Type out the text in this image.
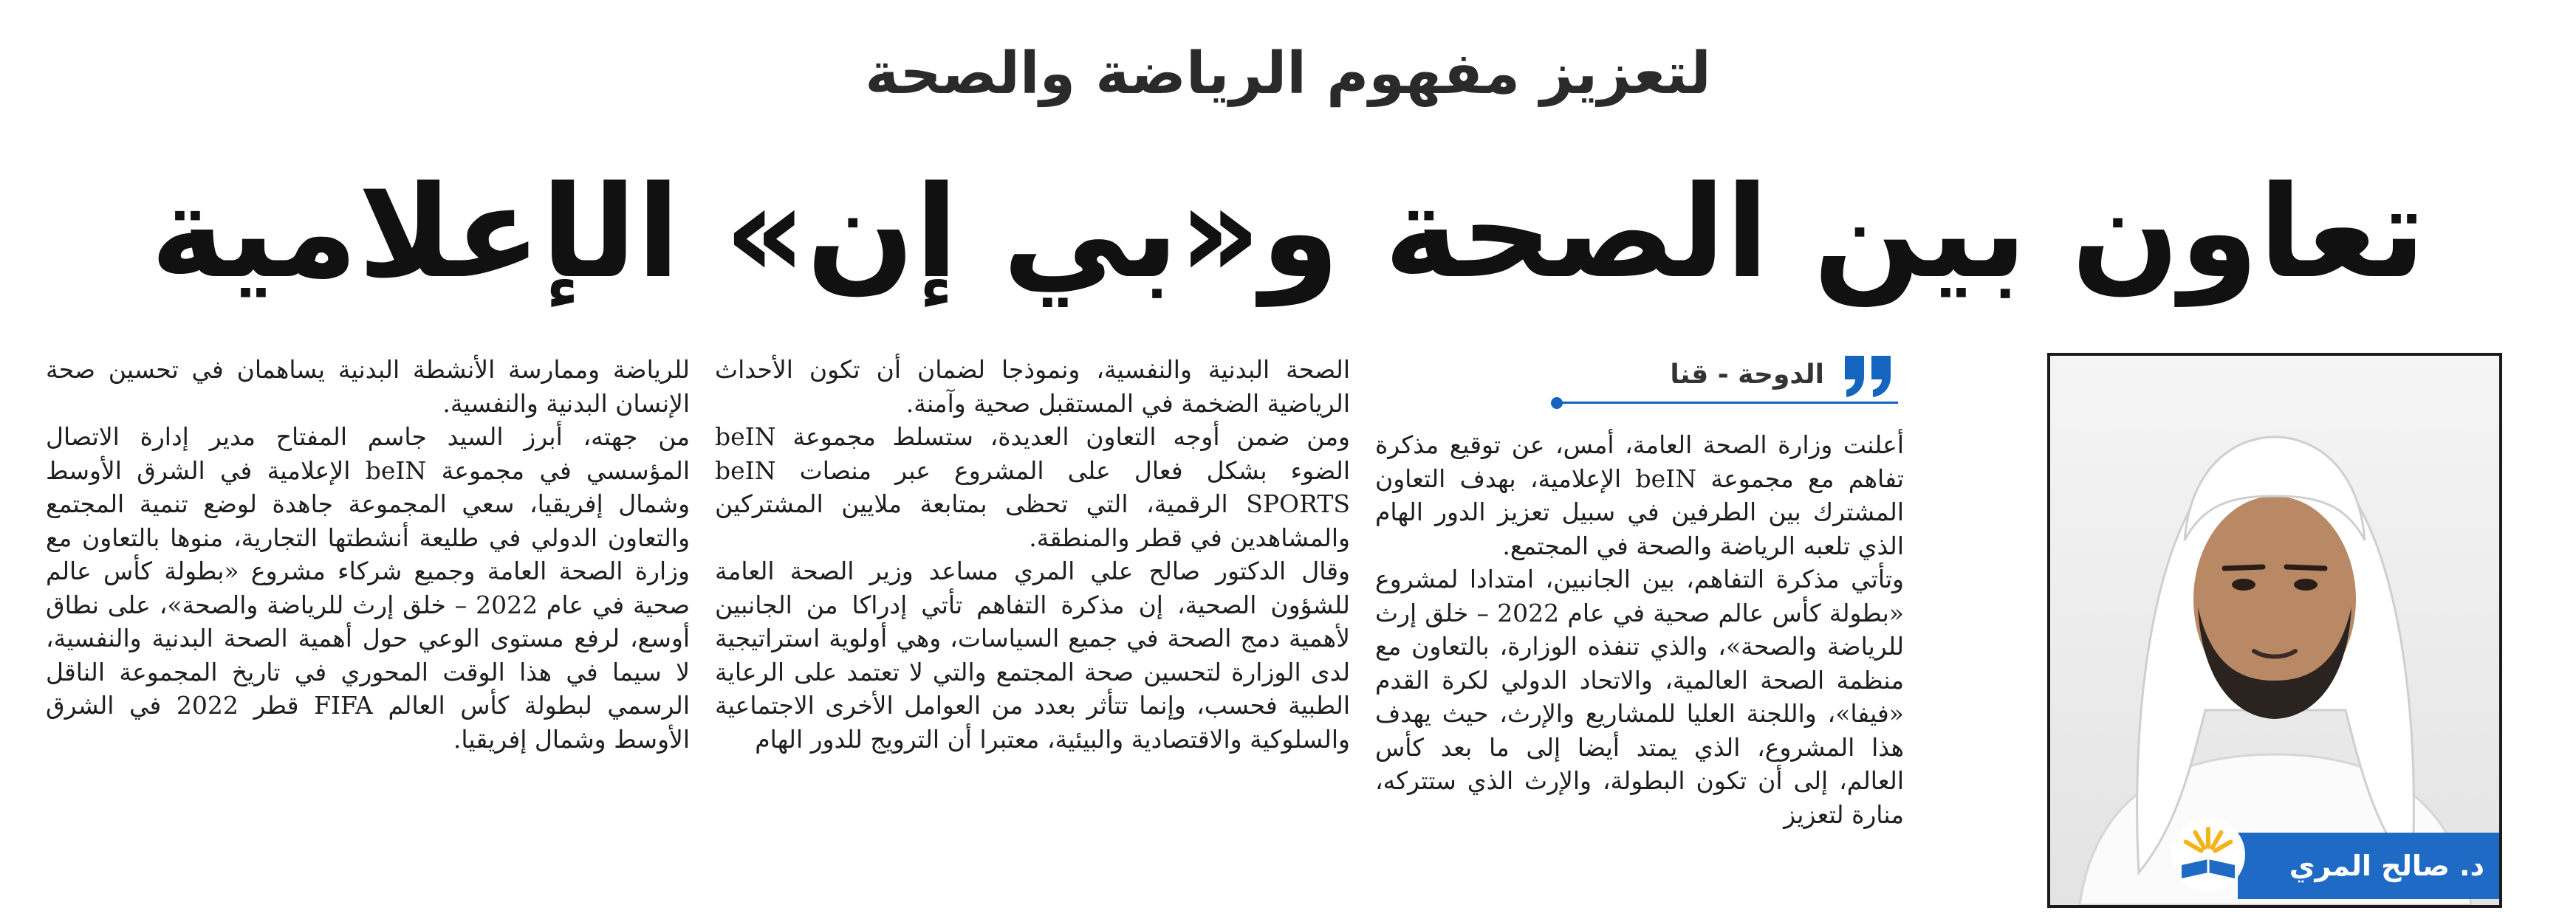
لتعزيز مفهوم الرياضة والصحة
تعاون بين الصحة و«بي إن» الإعلامية
د. صالح المري
الدوحة - قنا

أعلنت وزارة الصحة العامة، أمس، عن توقيع مذكرة تفاهم مع مجموعة beIN الإعلامية، بهدف التعاون المشترك بين الطرفين في سبيل تعزيز الدور الهام الذي تلعبه الرياضة والصحة في المجتمع.

وتأتي مذكرة التفاهم، بين الجانبين، امتدادا لمشروع «بطولة كأس عالم صحية في عام 2022 – خلق إرث للرياضة والصحة»، والذي تنفذه الوزارة، بالتعاون مع منظمة الصحة العالمية، والاتحاد الدولي لكرة القدم «فيفا»، واللجنة العليا للمشاريع والإرث، حيث يهدف هذا المشروع، الذي يمتد أيضا إلى ما بعد كأس العالم، إلى أن تكون البطولة، والإرث الذي ستتركه، منارة لتعزيز

الصحة البدنية والنفسية، ونموذجا لضمان أن تكون الأحداث الرياضية الضخمة في المستقبل صحية وآمنة.

ومن ضمن أوجه التعاون العديدة، ستسلط مجموعة beIN الضوء بشكل فعال على المشروع عبر منصات beIN SPORTS الرقمية، التي تحظى بمتابعة ملايين المشتركين والمشاهدين في قطر والمنطقة.

وقال الدكتور صالح علي المري مساعد وزير الصحة العامة للشؤون الصحية، إن مذكرة التفاهم تأتي إدراكا من الجانبين لأهمية دمج الصحة في جميع السياسات، وهي أولوية استراتيجية لدى الوزارة لتحسين صحة المجتمع والتي لا تعتمد على الرعاية الطبية فحسب، وإنما تتأثر بعدد من العوامل الأخرى الاجتماعية والسلوكية والاقتصادية والبيئية، معتبرا أن الترويج للدور الهام

للرياضة وممارسة الأنشطة البدنية يساهمان في تحسين صحة الإنسان البدنية والنفسية.

من جهته، أبرز السيد جاسم المفتاح مدير إدارة الاتصال المؤسسي في مجموعة beIN الإعلامية في الشرق الأوسط وشمال إفريقيا، سعي المجموعة جاهدة لوضع تنمية المجتمع والتعاون الدولي في طليعة أنشطتها التجارية، منوها بالتعاون مع وزارة الصحة العامة وجميع شركاء مشروع «بطولة كأس عالم صحية في عام 2022 – خلق إرث للرياضة والصحة»، على نطاق أوسع، لرفع مستوى الوعي حول أهمية الصحة البدنية والنفسية، لا سيما في هذا الوقت المحوري في تاريخ المجموعة الناقل الرسمي لبطولة كأس العالم FIFA قطر 2022 في الشرق الأوسط وشمال إفريقيا.
